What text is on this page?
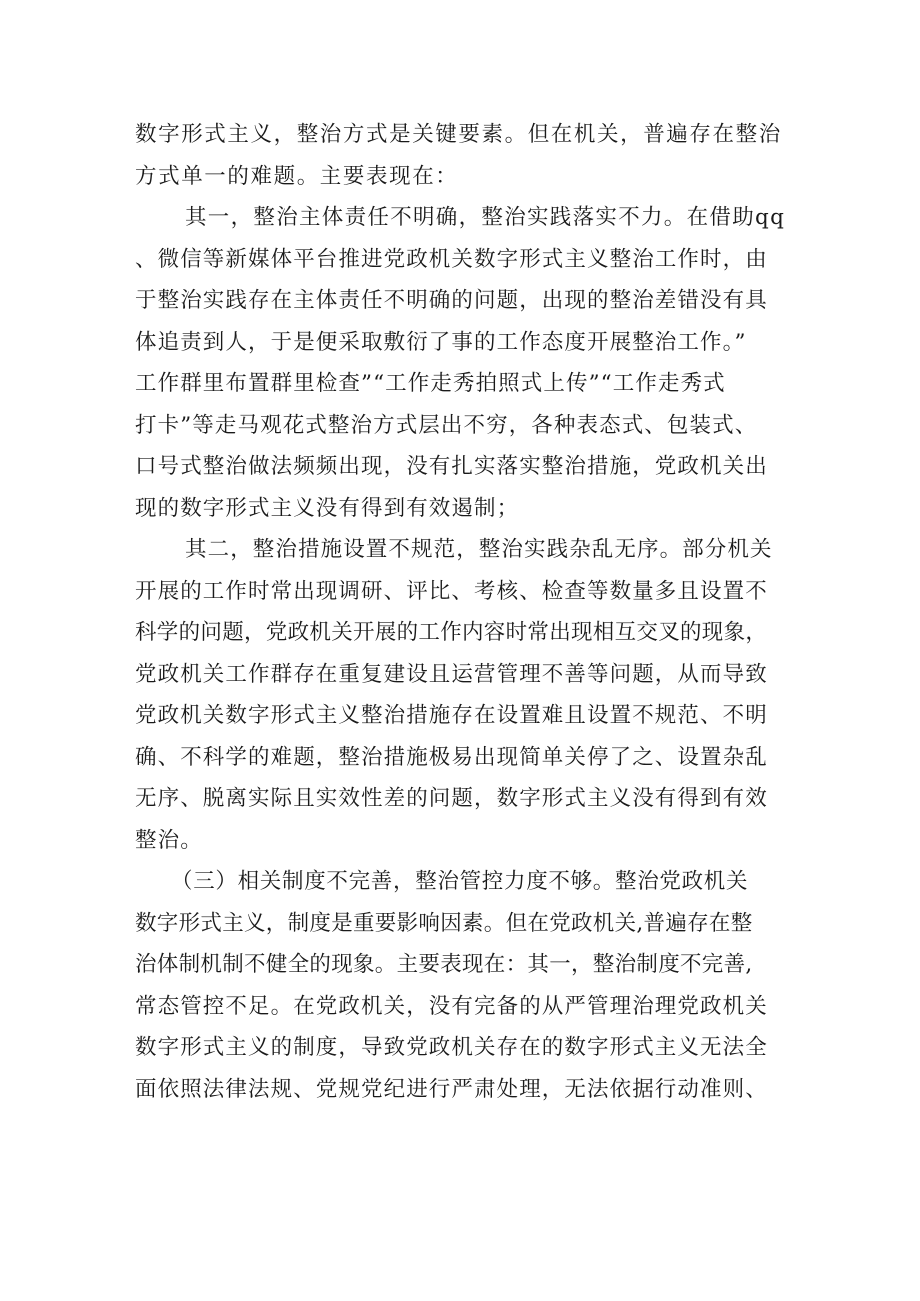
数字形式主义，整治方式是关键要素。但在机关，普遍存在整治
方式单一的难题。主要表现在：
其一，整治主体责任不明确，整治实践落实不力。在借助qq
、微信等新媒体平台推进党政机关数字形式主义整治工作时，由
于整治实践存在主体责任不明确的问题，出现的整治差错没有具
体追责到人，于是便采取敷衍了事的工作态度开展整治工作。”
工作群里布置群里检查”“工作走秀拍照式上传”“工作走秀式
打卡”等走马观花式整治方式层出不穷，各种表态式、包装式、
口号式整治做法频频出现，没有扎实落实整治措施，党政机关出
现的数字形式主义没有得到有效遏制；
其二，整治措施设置不规范，整治实践杂乱无序。部分机关
开展的工作时常出现调研、评比、考核、检查等数量多且设置不
科学的问题，党政机关开展的工作内容时常出现相互交叉的现象，
党政机关工作群存在重复建设且运营管理不善等问题，从而导致
党政机关数字形式主义整治措施存在设置难且设置不规范、不明
确、不科学的难题，整治措施极易出现简单关停了之、设置杂乱
无序、脱离实际且实效性差的问题，数字形式主义没有得到有效
整治。
（三）相关制度不完善，整治管控力度不够。整治党政机关
数字形式主义，制度是重要影响因素。但在党政机关,普遍存在整
治体制机制不健全的现象。主要表现在：其一，整治制度不完善,
常态管控不足。在党政机关，没有完备的从严管理治理党政机关
数字形式主义的制度，导致党政机关存在的数字形式主义无法全
面依照法律法规、党规党纪进行严肃处理，无法依据行动准则、
